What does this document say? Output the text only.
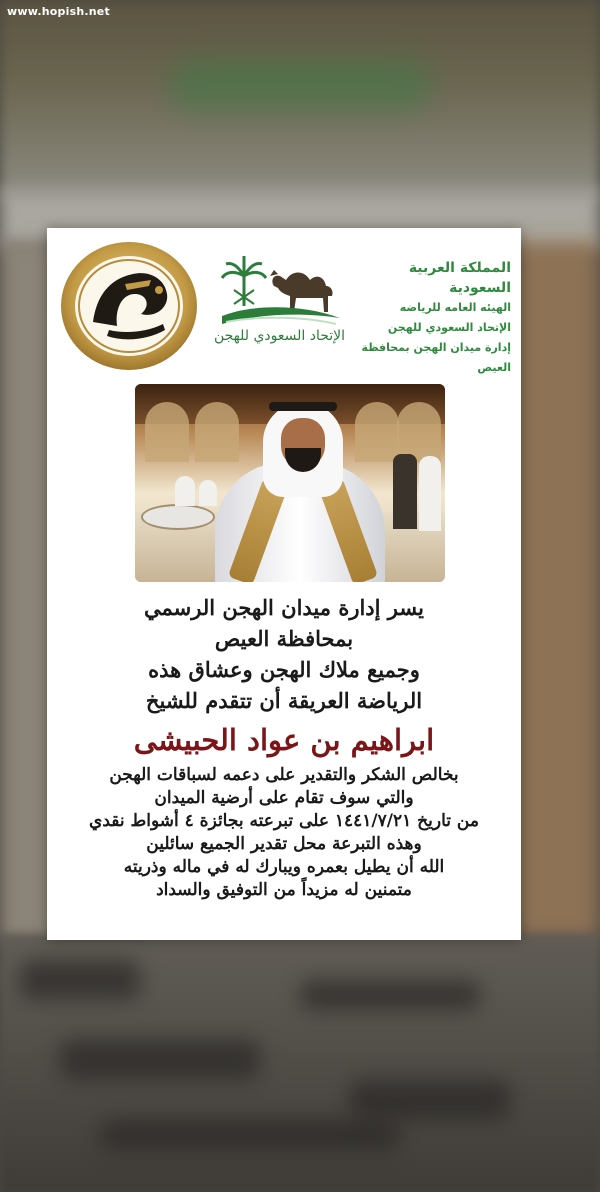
www.hopish.net
الإتحاد السعودي للهجن
المملكة العربية السعودية
الهيئه العامه للرياضه
الإتحاد السعودي للهجن
إدارة ميدان الهجن بمحافظة العيص
يسر إدارة ميدان الهجن الرسمي
بمحافظة العيص
وجميع ملاك الهجن وعشاق هذه
الرياضة العريقة أن تتقدم للشيخ
ابراهيم بن عواد الحبيشى
بخالص الشكر والتقدير على دعمه لسباقات الهجن
والتي سوف تقام على أرضية الميدان
من تاريخ ١٤٤١/٧/٢١ على تبرعته بجائزة ٤ أشواط نقدي
وهذه التبرعة محل تقدير الجميع سائلين
الله أن يطيل بعمره ويبارك له في ماله وذريته
متمنين له مزيداً من التوفيق والسداد
